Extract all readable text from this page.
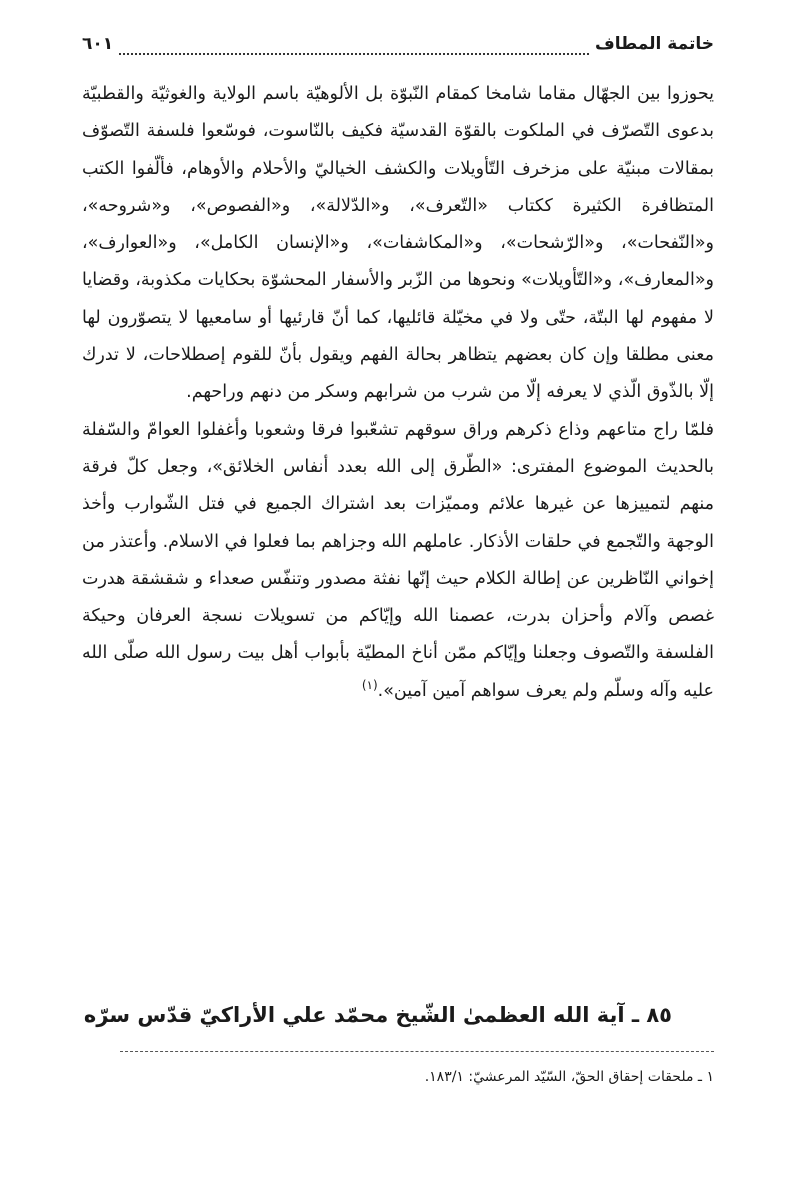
خاتمة المطاف
٦٠١

يحوزوا بين الجهّال مقاما شامخا كمقام النّبوّة بل الألوهيّة باسم الولاية والغوثيّة والقطبيّة بدعوى التّصرّف في الملكوت بالقوّة القدسيّة فكيف بالنّاسوت، فوسّعوا فلسفة التّصوّف بمقالات مبنيّة على مزخرف التّأويلات والكشف الخياليّ والأحلام والأوهام، فألّفوا الكتب المتظافرة الكثيرة ككتاب «التّعرف»، و«الدّلالة»، و«الفصوص»، و«شروحه»، و«النّفحات»، و«الرّشحات»، و«المكاشفات»، و«الإنسان الكامل»، و«العوارف»، و«المعارف»، و«التّأويلات» ونحوها من الزّبر والأسفار المحشوّة بحكايات مكذوبة، وقضايا لا مفهوم لها البتّة، حتّى ولا في مخيّلة قائليها، كما أنّ قارئيها أو سامعيها لا يتصوّرون لها معنى مطلقا وإن كان بعضهم يتظاهر بحالة الفهم ويقول بأنّ للقوم إصطلاحات، لا تدرك إلّا بالذّوق الّذي لا يعرفه إلّا من شرب من شرابهم وسكر من دنهم وراحهم.

فلمّا راج متاعهم وذاع ذكرهم وراق سوقهم تشعّبوا فرقا وشعوبا وأغفلوا العوامّ والسّفلة بالحديث الموضوع المفترى: «الطّرق إلى الله بعدد أنفاس الخلائق»، وجعل كلّ فرقة منهم لتمييزها عن غيرها علائم ومميّزات بعد اشتراك الجميع في فتل الشّوارب وأخذ الوجهة والتّجمع في حلقات الأذكار. عاملهم الله وجزاهم بما فعلوا في الاسلام. وأعتذر من إخواني النّاظرين عن إطالة الكلام حيث إنّها نفثة مصدور وتنفّس صعداء و شقشقة هدرت غصص وآلام وأحزان بدرت، عصمنا الله وإيّاكم من تسويلات نسجة العرفان وحيكة الفلسفة والتّصوف وجعلنا وإيّاكم ممّن أناخ المطيّة بأبواب أهل بيت رسول الله صلّى الله عليه وآله وسلّم ولم يعرف سواهم آمين آمين».$^{(١)}$

٨٥ ـ آية الله العظمىٰ الشّيخ محمّد علي الأراكيّ قدّس سرّه
١ ـ ملحقات إحقاق الحقّ، السّيّد المرعشيّ: ١٨٣/١.
